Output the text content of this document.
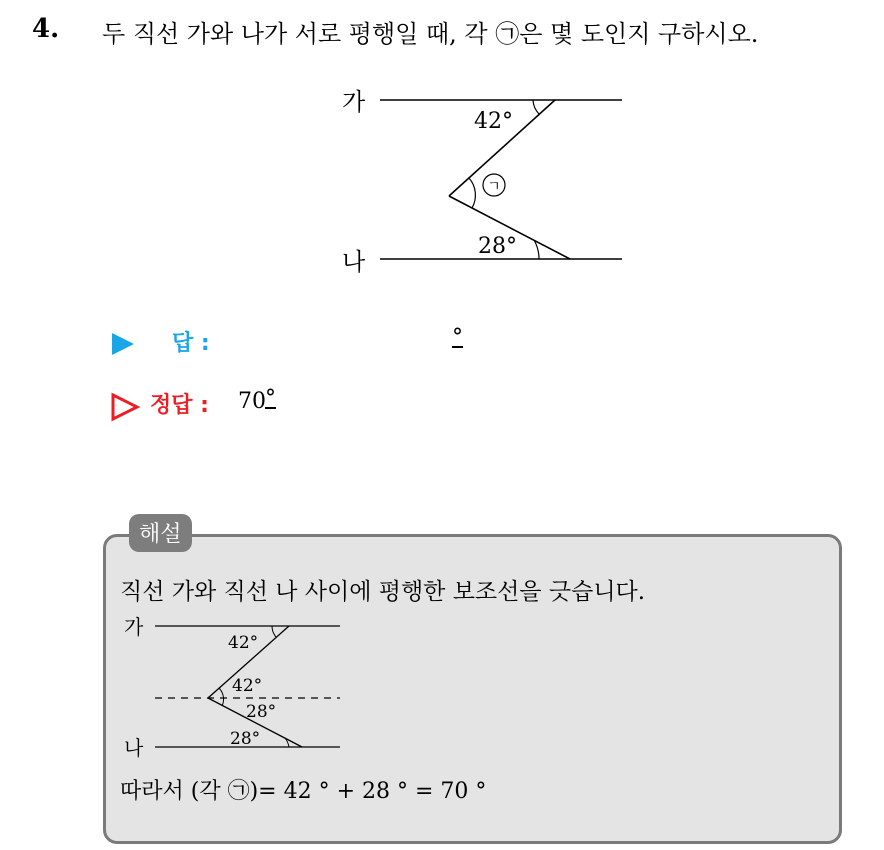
4. 두 직선 가와 나가 서로 평행일 때, 각 ㉠은 몇 도인지 구하시오.
가
나
42°
28°
ㄱ
답 :	°
정답 : 70 °
해설
직선 가와 직선 나 사이에 평행한 보조선을 긋습니다.
가
나
42°
42°
28°
28°
따라서 (각 ㉠)= 42 ° + 28 ° = 70 °
